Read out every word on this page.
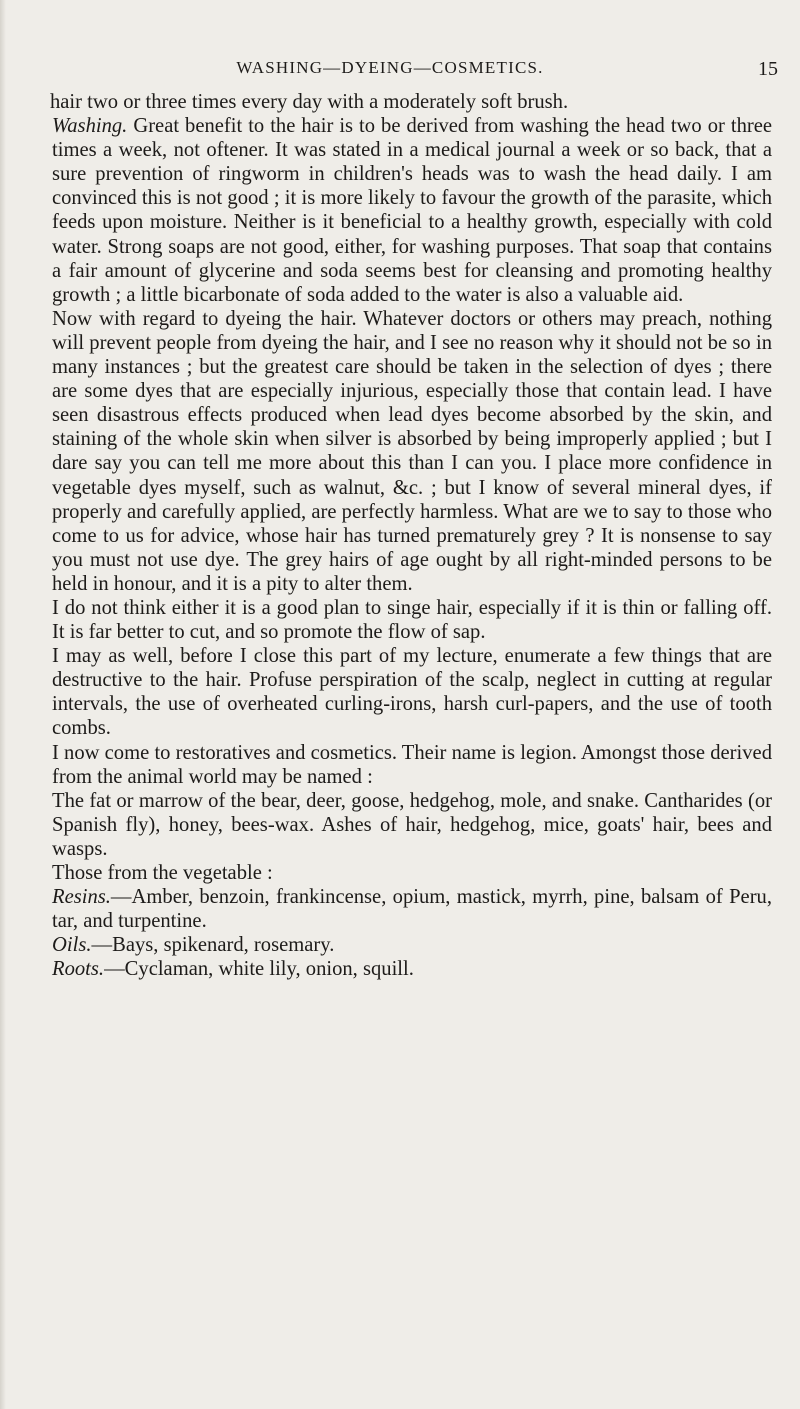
WASHING—DYEING—COSMETICS.	15

hair two or three times every day with a moderately soft brush.

Washing. Great benefit to the hair is to be derived from washing the head two or three times a week, not oftener. It was stated in a medical journal a week or so back, that a sure prevention of ringworm in children's heads was to wash the head daily. I am convinced this is not good ; it is more likely to favour the growth of the parasite, which feeds upon moisture. Neither is it beneficial to a healthy growth, especially with cold water. Strong soaps are not good, either, for washing purposes. That soap that contains a fair amount of glycerine and soda seems best for cleansing and promoting healthy growth ; a little bicarbonate of soda added to the water is also a valuable aid.

Now with regard to dyeing the hair. Whatever doctors or others may preach, nothing will prevent people from dyeing the hair, and I see no reason why it should not be so in many instances ; but the greatest care should be taken in the selection of dyes ; there are some dyes that are especially injurious, especially those that contain lead. I have seen disastrous effects produced when lead dyes become absorbed by the skin, and staining of the whole skin when silver is absorbed by being improperly applied ; but I dare say you can tell me more about this than I can you. I place more confidence in vegetable dyes myself, such as walnut, &c. ; but I know of several mineral dyes, if properly and carefully applied, are perfectly harmless. What are we to say to those who come to us for advice, whose hair has turned prematurely grey ? It is nonsense to say you must not use dye. The grey hairs of age ought by all right-minded persons to be held in honour, and it is a pity to alter them.

I do not think either it is a good plan to singe hair, especially if it is thin or falling off. It is far better to cut, and so promote the flow of sap.

I may as well, before I close this part of my lecture, enumerate a few things that are destructive to the hair. Profuse perspiration of the scalp, neglect in cutting at regular intervals, the use of overheated curling-irons, harsh curl-papers, and the use of tooth combs.

I now come to restoratives and cosmetics. Their name is legion. Amongst those derived from the animal world may be named :

The fat or marrow of the bear, deer, goose, hedgehog, mole, and snake. Cantharides (or Spanish fly), honey, bees-wax. Ashes of hair, hedgehog, mice, goats' hair, bees and wasps.

Those from the vegetable :

Resins.—Amber, benzoin, frankincense, opium, mastick, myrrh, pine, balsam of Peru, tar, and turpentine.

Oils.—Bays, spikenard, rosemary.

Roots.—Cyclaman, white lily, onion, squill.
